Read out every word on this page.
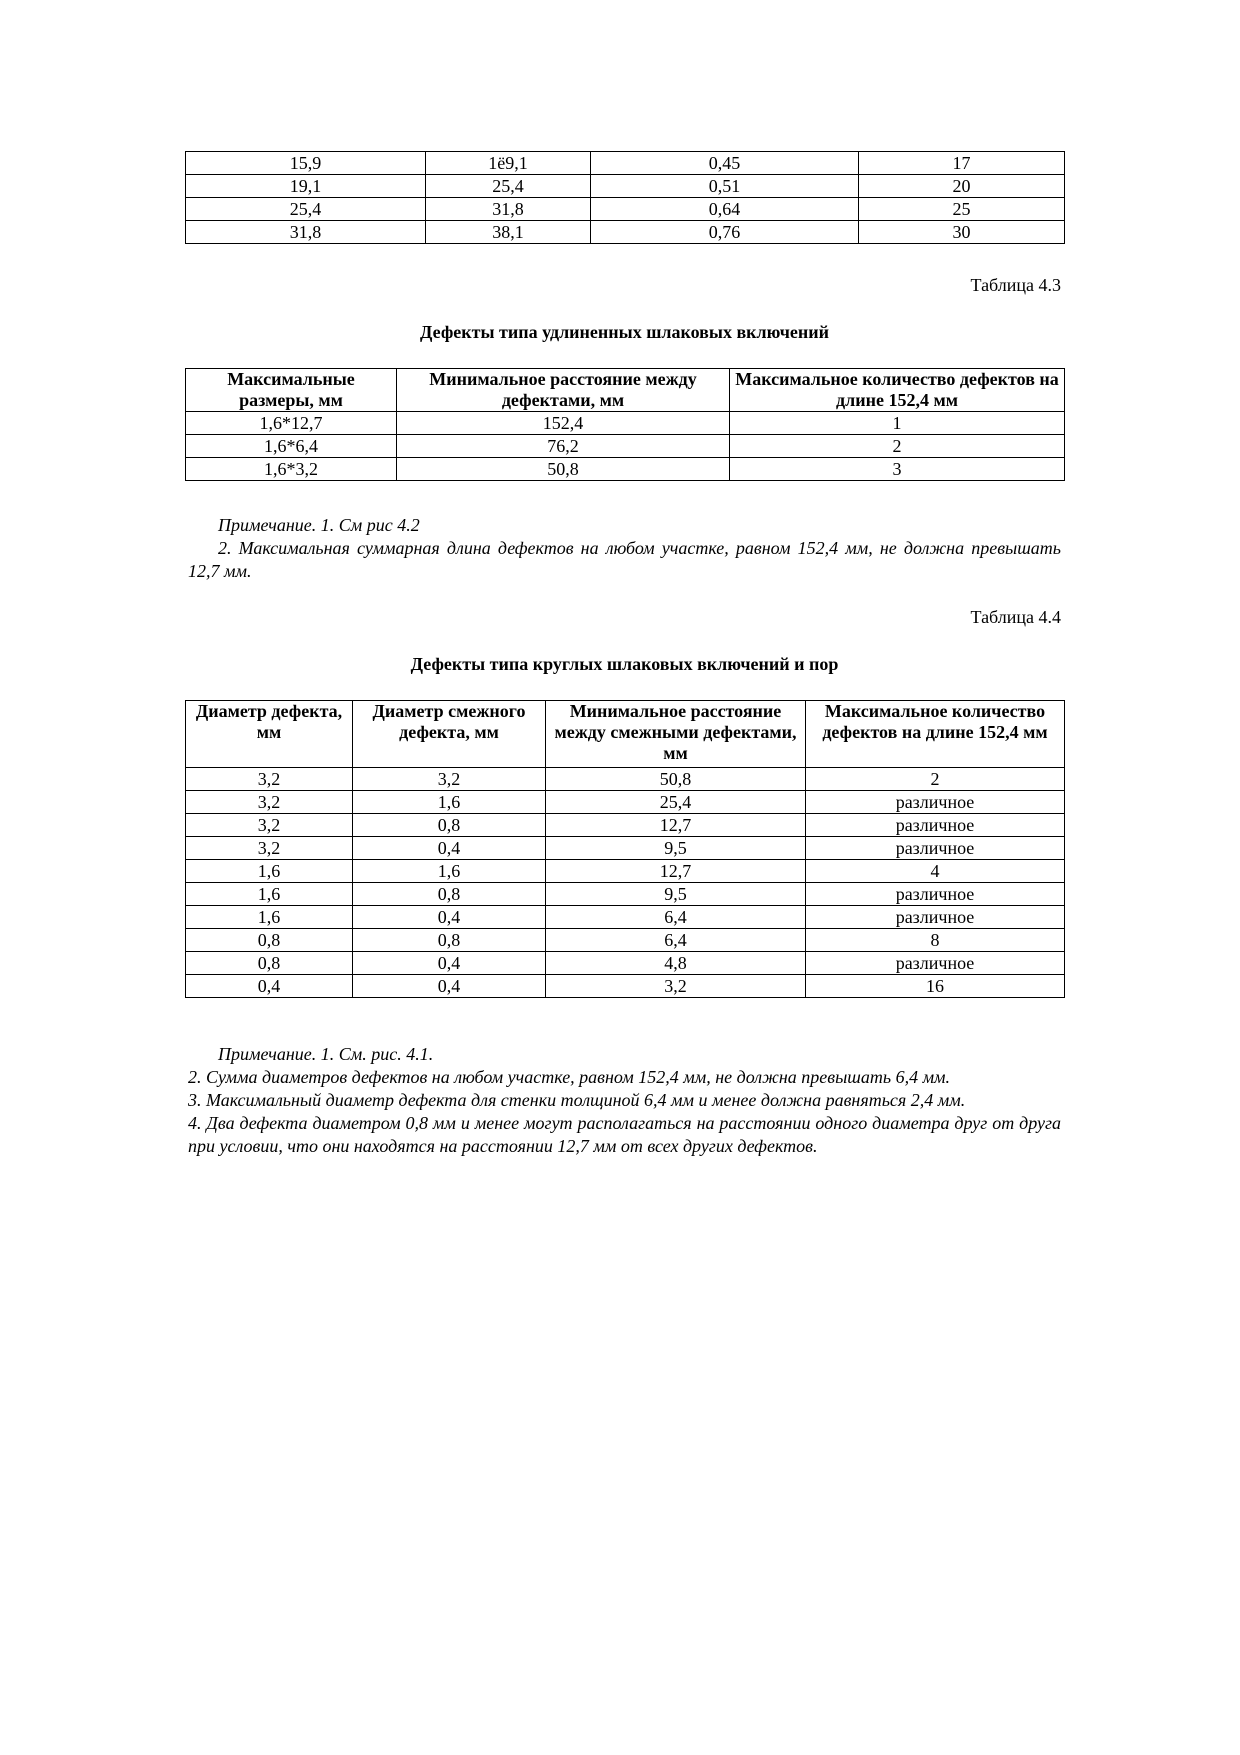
15,9	1ё9,1	0,45	17
19,1	25,4	0,51	20
25,4	31,8	0,64	25
31,8	38,1	0,76	30
Таблица 4.3
Дефекты типа удлиненных шлаковых включений
Максимальные размеры, мм	Минимальное расстояние между дефектами, мм	Максимальное количество дефектов на длине 152,4 мм
1,6*12,7	152,4	1
1,6*6,4	76,2	2
1,6*3,2	50,8	3

Примечание. 1. См рис 4.2

2. Максимальная суммарная длина дефектов на любом участке, равном 152,4 мм, не должна превышать 12,7 мм.

Таблица 4.4
Дефекты типа круглых шлаковых включений и пор
Диаметр дефекта, мм	Диаметр смежного дефекта, мм	Минимальное расстояние между смежными дефектами, мм	Максимальное количество дефектов на длине 152,4 мм
3,2	3,2	50,8	2
3,2	1,6	25,4	различное
3,2	0,8	12,7	различное
3,2	0,4	9,5	различное
1,6	1,6	12,7	4
1,6	0,8	9,5	различное
1,6	0,4	6,4	различное
0,8	0,8	6,4	8
0,8	0,4	4,8	различное
0,4	0,4	3,2	16

Примечание. 1. См. рис. 4.1.

2. Сумма диаметров дефектов на любом участке, равном 152,4 мм, не должна превышать 6,4 мм.

3. Максимальный диаметр дефекта для стенки толщиной 6,4 мм и менее должна равняться 2,4 мм.

4. Два дефекта диаметром 0,8 мм и менее могут располагаться на расстоянии одного диаметра друг от друга при условии, что они находятся на расстоянии 12,7 мм от всех других дефектов.
